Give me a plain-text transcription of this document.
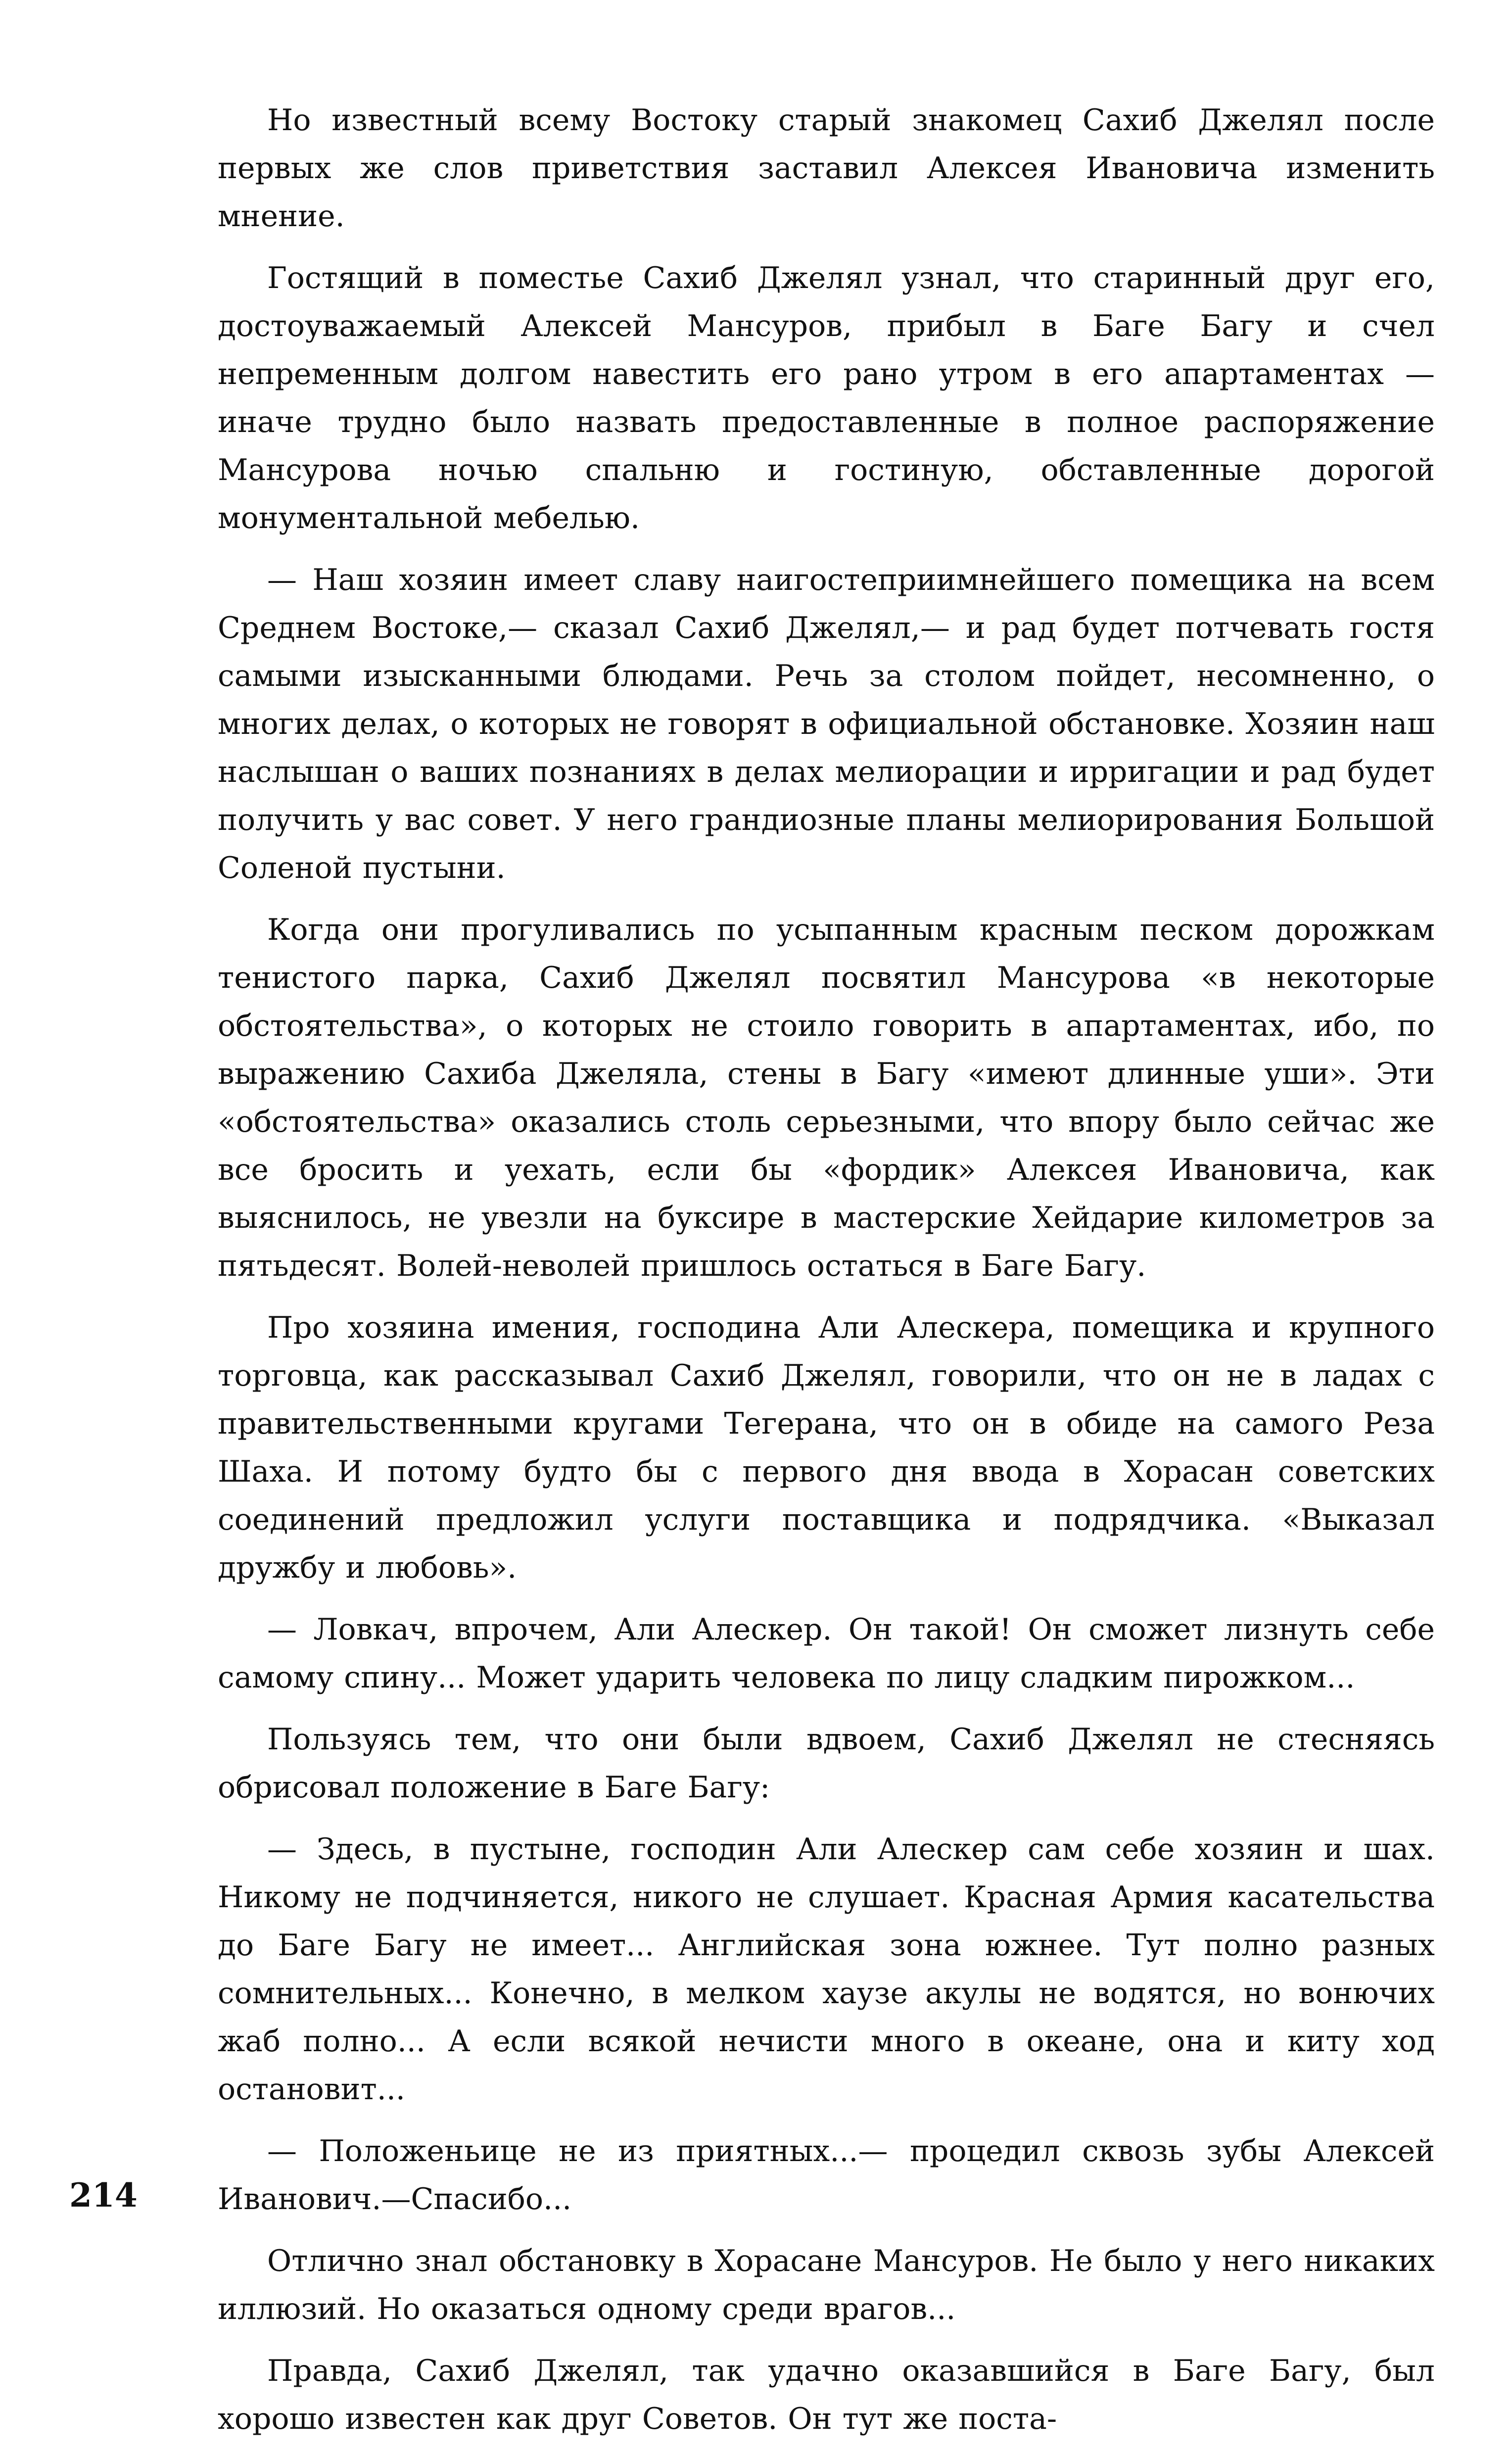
Но известный всему Востоку старый знакомец Сахиб Джелял после первых же слов приветствия заставил Алексея Ивановича изменить мнение.

Гостящий в поместье Сахиб Джелял узнал, что старинный друг его, достоуважаемый Алексей Мансуров, прибыл в Баге Багу и счел непременным долгом навестить его рано утром в его апартаментах — иначе трудно было назвать предоставленные в полное распоряжение Мансурова ночью спальню и гостиную, обставленные дорогой монументальной мебелью.

— Наш хозяин имеет славу наигостеприимнейшего помещика на всем Среднем Востоке,— сказал Сахиб Джелял,— и рад будет потчевать гостя самыми изысканными блюдами. Речь за столом пойдет, несомненно, о многих делах, о которых не говорят в официальной обстановке. Хозяин наш наслышан о ваших познаниях в делах мелиорации и ирригации и рад будет получить у вас совет. У него грандиозные планы мелиорирования Большой Соленой пустыни.

Когда они прогуливались по усыпанным красным песком дорожкам тенистого парка, Сахиб Джелял посвятил Мансурова «в некоторые обстоятельства», о которых не стоило говорить в апартаментах, ибо, по выражению Сахиба Джеляла, стены в Багу «имеют длинные уши». Эти «обстоятельства» оказались столь серьезными, что впору было сейчас же все бросить и уехать, если бы «фордик» Алексея Ивановича, как выяснилось, не увезли на буксире в мастерские Хейдарие километров за пятьдесят. Волей-неволей пришлось остаться в Баге Багу.

Про хозяина имения, господина Али Алескера, помещика и крупного торговца, как рассказывал Сахиб Джелял, говорили, что он не в ладах с правительственными кругами Тегерана, что он в обиде на самого Реза Шаха. И потому будто бы с первого дня ввода в Хорасан советских соединений предложил услуги поставщика и подрядчика. «Выказал дружбу и любовь».

— Ловкач, впрочем, Али Алескер. Он такой! Он сможет лизнуть себе самому спину... Может ударить человека по лицу сладким пирожком...

Пользуясь тем, что они были вдвоем, Сахиб Джелял не стесняясь обрисовал положение в Баге Багу:

— Здесь, в пустыне, господин Али Алескер сам себе хозяин и шах. Никому не подчиняется, никого не слушает. Красная Армия касательства до Баге Багу не имеет... Английская зона южнее. Тут полно разных сомнительных... Конечно, в мелком хаузе акулы не водятся, но вонючих жаб полно... А если всякой нечисти много в океане, она и киту ход остановит...

— Положеньице не из приятных...— процедил сквозь зубы Алексей Иванович.—Спасибо...

Отлично знал обстановку в Хорасане Мансуров. Не было у него никаких иллюзий. Но оказаться одному среди врагов...

Правда, Сахиб Джелял, так удачно оказавшийся в Баге Багу, был хорошо известен как друг Советов. Он тут же поста-

214
